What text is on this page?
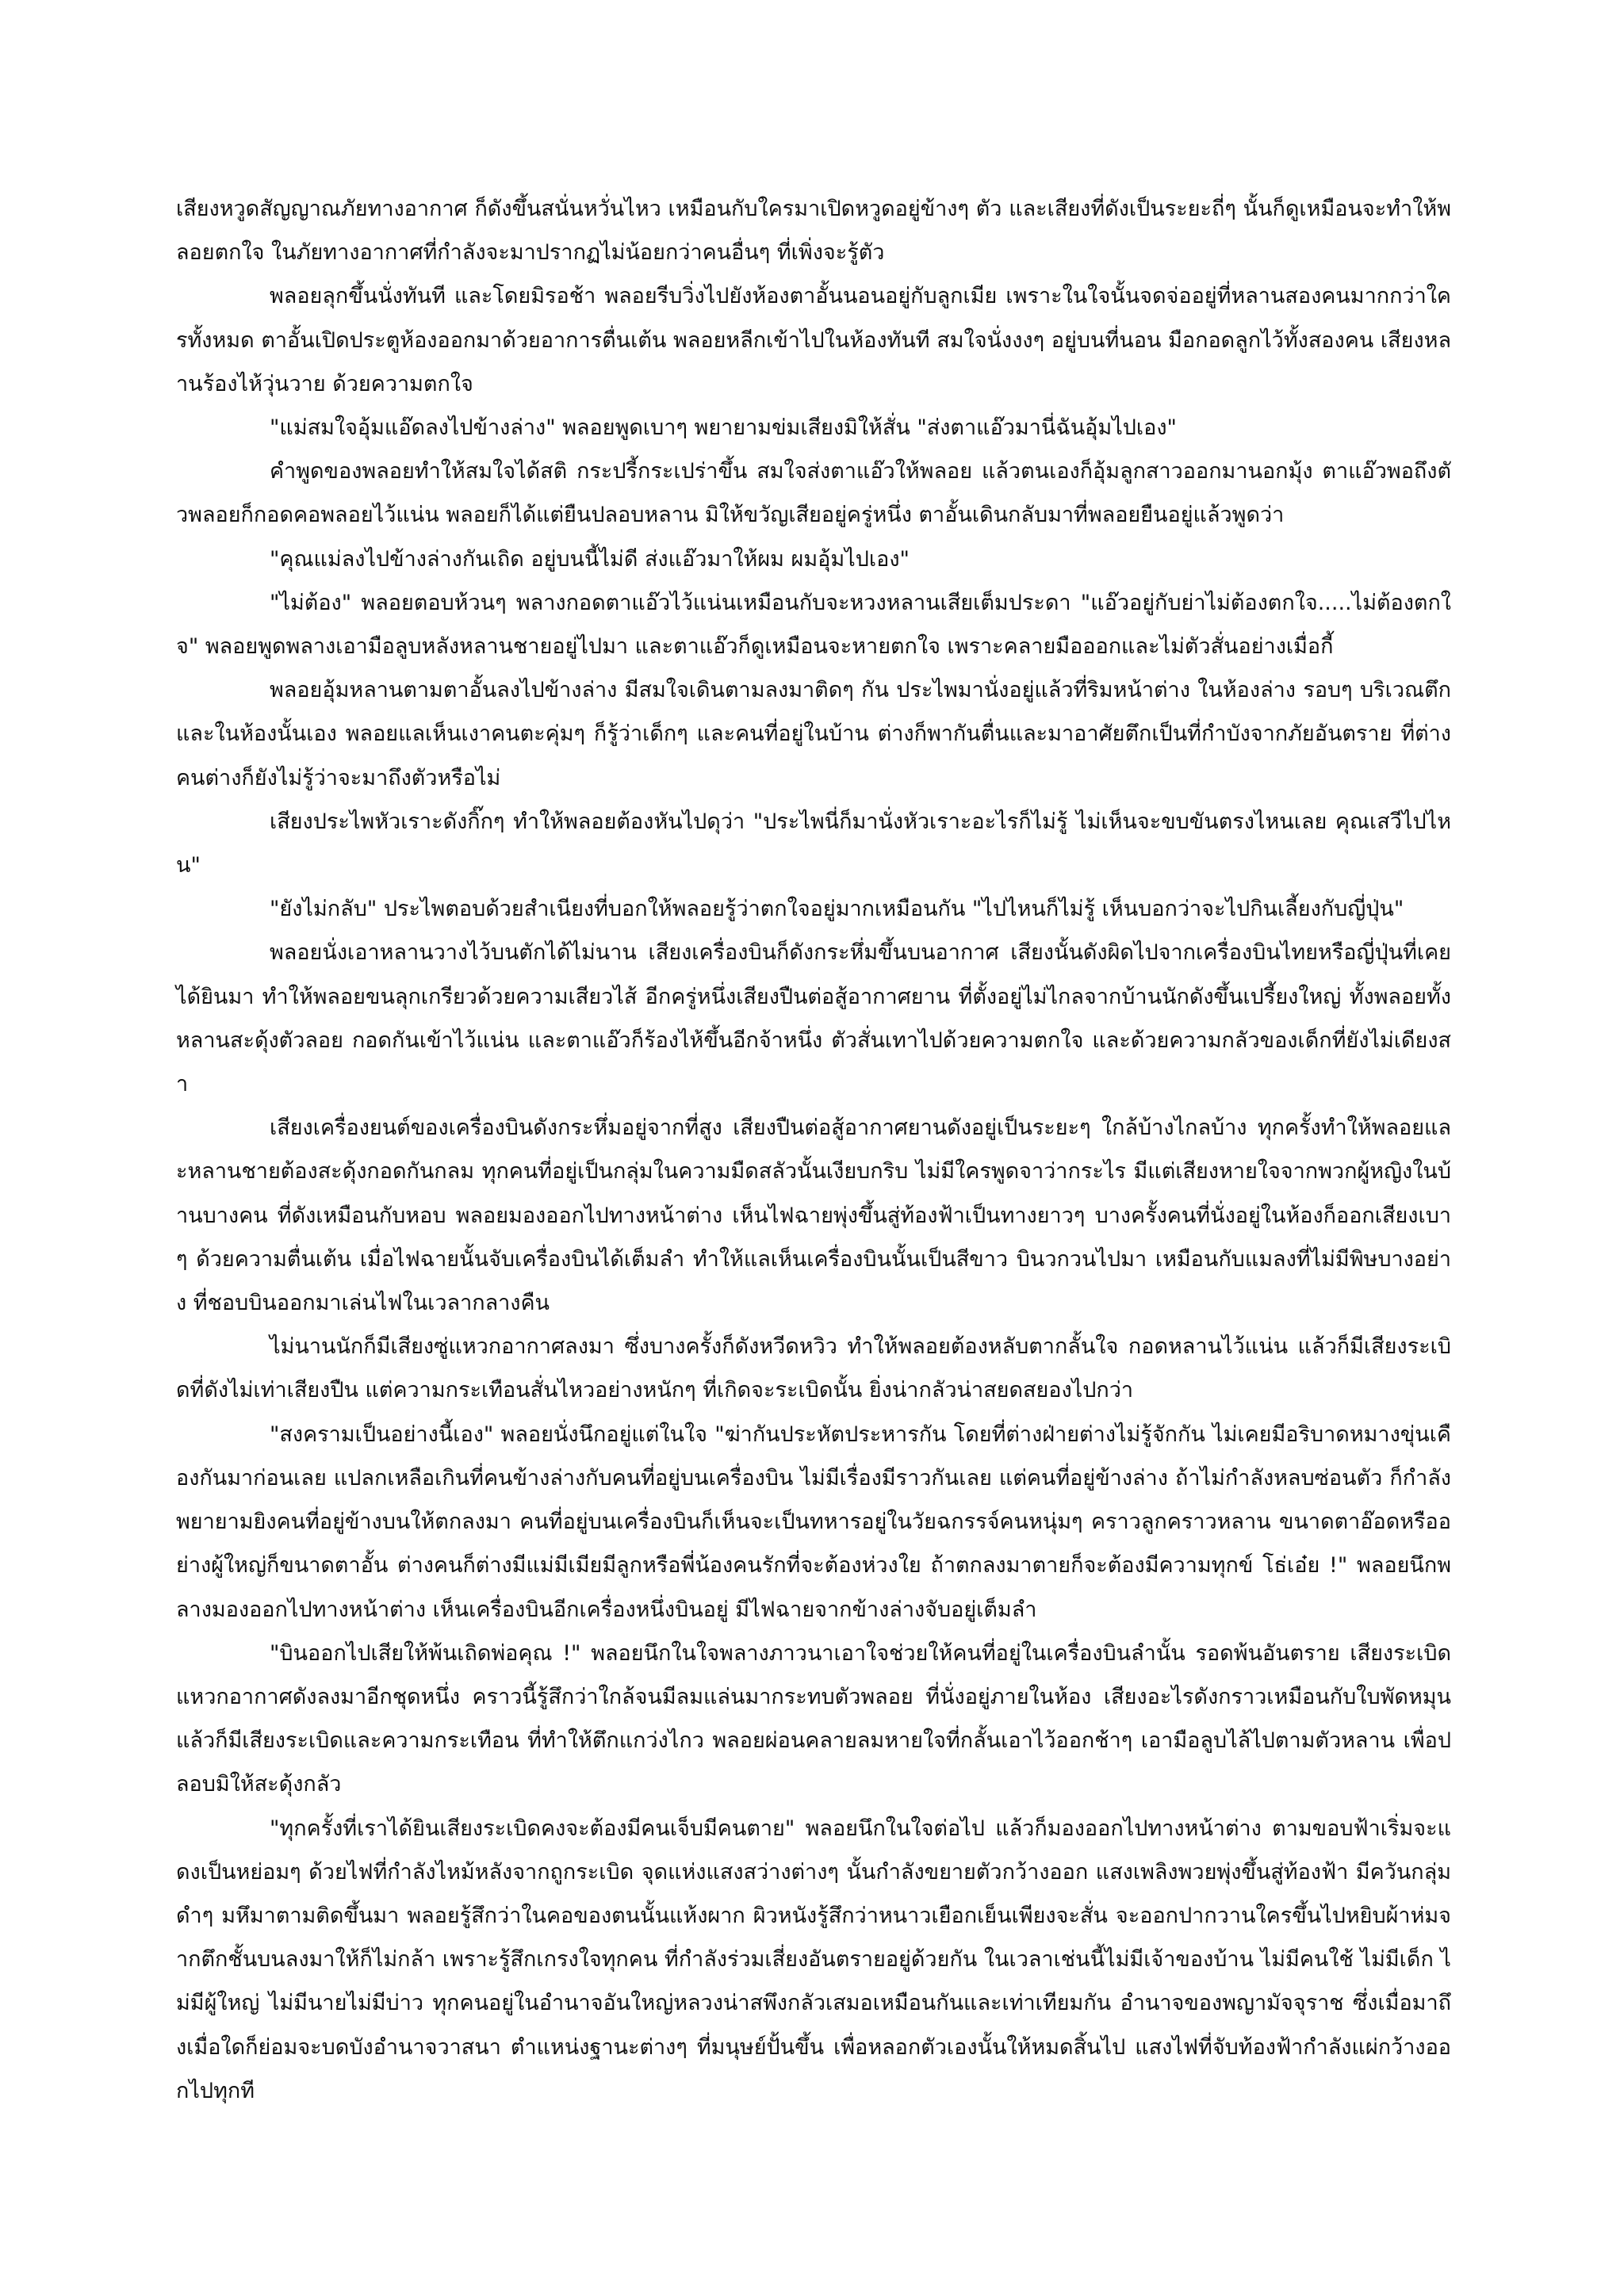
เสียงหวูดสัญญาณภัยทางอากาศ ก็ดังขึ้นสนั่นหวั่นไหว เหมือนกับใครมาเปิดหวูดอยู่ข้างๆ ตัว และเสียงที่ดังเป็นระยะถี่ๆ นั้นก็ดูเหมือนจะทำให้พลอยตกใจ ในภัยทางอากาศที่กำลังจะมาปรากฏไม่น้อยกว่าคนอื่นๆ ที่เพิ่งจะรู้ตัว

พลอยลุกขึ้นนั่งทันที และโดยมิรอช้า พลอยรีบวิ่งไปยังห้องตาอั้นนอนอยู่กับลูกเมีย เพราะในใจนั้นจดจ่ออยู่ที่หลานสองคนมากกว่าใครทั้งหมด ตาอั้นเปิดประตูห้องออกมาด้วยอาการตื่นเต้น พลอยหลีกเข้าไปในห้องทันที สมใจนั่งงงๆ อยู่บนที่นอน มือกอดลูกไว้ทั้งสองคน เสียงหลานร้องไห้วุ่นวาย ด้วยความตกใจ

"แม่สมใจอุ้มแอ๊ดลงไปข้างล่าง" พลอยพูดเบาๆ พยายามข่มเสียงมิให้สั่น "ส่งตาแอ๊วมานี่ฉันอุ้มไปเอง"

คำพูดของพลอยทำให้สมใจได้สติ กระปรี้กระเปร่าขึ้น สมใจส่งตาแอ๊วให้พลอย แล้วตนเองก็อุ้มลูกสาวออกมานอกมุ้ง ตาแอ๊วพอถึงตัวพลอยก็กอดคอพลอยไว้แน่น พลอยก็ได้แต่ยืนปลอบหลาน มิให้ขวัญเสียอยู่ครู่หนึ่ง ตาอั้นเดินกลับมาที่พลอยยืนอยู่แล้วพูดว่า

"คุณแม่ลงไปข้างล่างกันเถิด อยู่บนนี้ไม่ดี ส่งแอ๊วมาให้ผม ผมอุ้มไปเอง"

"ไม่ต้อง" พลอยตอบห้วนๆ พลางกอดตาแอ๊วไว้แน่นเหมือนกับจะหวงหลานเสียเต็มประดา "แอ๊วอยู่กับย่าไม่ต้องตกใจ.....ไม่ต้องตกใจ" พลอยพูดพลางเอามือลูบหลังหลานชายอยู่ไปมา และตาแอ๊วก็ดูเหมือนจะหายตกใจ เพราะคลายมือออกและไม่ตัวสั่นอย่างเมื่อกี้

พลอยอุ้มหลานตามตาอั้นลงไปข้างล่าง มีสมใจเดินตามลงมาติดๆ กัน ประไพมานั่งอยู่แล้วที่ริมหน้าต่าง ในห้องล่าง รอบๆ บริเวณตึกและในห้องนั้นเอง พลอยแลเห็นเงาคนตะคุ่มๆ ก็รู้ว่าเด็กๆ และคนที่อยู่ในบ้าน ต่างก็พากันตื่นและมาอาศัยตึกเป็นที่กำบังจากภัยอันตราย ที่ต่างคนต่างก็ยังไม่รู้ว่าจะมาถึงตัวหรือไม่

เสียงประไพหัวเราะดังกิ๊กๆ ทำให้พลอยต้องหันไปดุว่า "ประไพนี่ก็มานั่งหัวเราะอะไรก็ไม่รู้ ไม่เห็นจะขบขันตรงไหนเลย คุณเสวีไปไหน"

"ยังไม่กลับ" ประไพตอบด้วยสำเนียงที่บอกให้พลอยรู้ว่าตกใจอยู่มากเหมือนกัน "ไปไหนก็ไม่รู้ เห็นบอกว่าจะไปกินเลี้ยงกับญี่ปุ่น"

พลอยนั่งเอาหลานวางไว้บนตักได้ไม่นาน เสียงเครื่องบินก็ดังกระหึ่มขึ้นบนอากาศ เสียงนั้นดังผิดไปจากเครื่องบินไทยหรือญี่ปุ่นที่เคยได้ยินมา ทำให้พลอยขนลุกเกรียวด้วยความเสียวไส้ อีกครู่หนึ่งเสียงปืนต่อสู้อากาศยาน ที่ตั้งอยู่ไม่ไกลจากบ้านนักดังขึ้นเปรี้ยงใหญ่ ทั้งพลอยทั้งหลานสะดุ้งตัวลอย กอดกันเข้าไว้แน่น และตาแอ๊วก็ร้องไห้ขึ้นอีกจ้าหนึ่ง ตัวสั่นเทาไปด้วยความตกใจ และด้วยความกลัวของเด็กที่ยังไม่เดียงสา

เสียงเครื่องยนต์ของเครื่องบินดังกระหึ่มอยู่จากที่สูง เสียงปืนต่อสู้อากาศยานดังอยู่เป็นระยะๆ ใกล้บ้างไกลบ้าง ทุกครั้งทำให้พลอยและหลานชายต้องสะดุ้งกอดกันกลม ทุกคนที่อยู่เป็นกลุ่มในความมืดสลัวนั้นเงียบกริบ ไม่มีใครพูดจาว่ากระไร มีแต่เสียงหายใจจากพวกผู้หญิงในบ้านบางคน ที่ดังเหมือนกับหอบ พลอยมองออกไปทางหน้าต่าง เห็นไฟฉายพุ่งขึ้นสู่ท้องฟ้าเป็นทางยาวๆ บางครั้งคนที่นั่งอยู่ในห้องก็ออกเสียงเบาๆ ด้วยความตื่นเต้น เมื่อไฟฉายนั้นจับเครื่องบินได้เต็มลำ ทำให้แลเห็นเครื่องบินนั้นเป็นสีขาว บินวกวนไปมา เหมือนกับแมลงที่ไม่มีพิษบางอย่าง ที่ชอบบินออกมาเล่นไฟในเวลากลางคืน

ไม่นานนักก็มีเสียงซู่แหวกอากาศลงมา ซึ่งบางครั้งก็ดังหวีดหวิว ทำให้พลอยต้องหลับตากลั้นใจ กอดหลานไว้แน่น แล้วก็มีเสียงระเบิดที่ดังไม่เท่าเสียงปืน แต่ความกระเทือนสั่นไหวอย่างหนักๆ ที่เกิดจะระเบิดนั้น ยิ่งน่ากลัวน่าสยดสยองไปกว่า

"สงครามเป็นอย่างนี้เอง" พลอยนั่งนึกอยู่แต่ในใจ "ฆ่ากันประหัตประหารกัน โดยที่ต่างฝ่ายต่างไม่รู้จักกัน ไม่เคยมีอริบาดหมางขุ่นเคืองกันมาก่อนเลย แปลกเหลือเกินที่คนข้างล่างกับคนที่อยู่บนเครื่องบิน ไม่มีเรื่องมีราวกันเลย แต่คนที่อยู่ข้างล่าง ถ้าไม่กำลังหลบซ่อนตัว ก็กำลังพยายามยิงคนที่อยู่ข้างบนให้ตกลงมา คนที่อยู่บนเครื่องบินก็เห็นจะเป็นทหารอยู่ในวัยฉกรรจ์คนหนุ่มๆ คราวลูกคราวหลาน ขนาดตาอ๊อดหรืออย่างผู้ใหญ่ก็ขนาดตาอั้น ต่างคนก็ต่างมีแม่มีเมียมีลูกหรือพี่น้องคนรักที่จะต้องห่วงใย ถ้าตกลงมาตายก็จะต้องมีความทุกข์ โธ่เอ๋ย !" พลอยนึกพลางมองออกไปทางหน้าต่าง เห็นเครื่องบินอีกเครื่องหนึ่งบินอยู่ มีไฟฉายจากข้างล่างจับอยู่เต็มลำ

"บินออกไปเสียให้พ้นเถิดพ่อคุณ !" พลอยนึกในใจพลางภาวนาเอาใจช่วยให้คนที่อยู่ในเครื่องบินลำนั้น รอดพ้นอันตราย เสียงระเบิดแหวกอากาศดังลงมาอีกชุดหนึ่ง คราวนี้รู้สึกว่าใกล้จนมีลมแล่นมากระทบตัวพลอย ที่นั่งอยู่ภายในห้อง เสียงอะไรดังกราวเหมือนกับใบพัดหมุน แล้วก็มีเสียงระเบิดและความกระเทือน ที่ทำให้ตึกแกว่งไกว พลอยผ่อนคลายลมหายใจที่กลั้นเอาไว้ออกช้าๆ เอามือลูบไล้ไปตามตัวหลาน เพื่อปลอบมิให้สะดุ้งกลัว

"ทุกครั้งที่เราได้ยินเสียงระเบิดคงจะต้องมีคนเจ็บมีคนตาย" พลอยนึกในใจต่อไป แล้วก็มองออกไปทางหน้าต่าง ตามขอบฟ้าเริ่มจะแดงเป็นหย่อมๆ ด้วยไฟที่กำลังไหม้หลังจากถูกระเบิด จุดแห่งแสงสว่างต่างๆ นั้นกำลังขยายตัวกว้างออก แสงเพลิงพวยพุ่งขึ้นสู่ท้องฟ้า มีควันกลุ่มดำๆ มหึมาตามติดขึ้นมา พลอยรู้สึกว่าในคอของตนนั้นแห้งผาก ผิวหนังรู้สึกว่าหนาวเยือกเย็นเพียงจะสั่น จะออกปากวานใครขึ้นไปหยิบผ้าห่มจากตึกชั้นบนลงมาให้ก็ไม่กล้า เพราะรู้สึกเกรงใจทุกคน ที่กำลังร่วมเสี่ยงอันตรายอยู่ด้วยกัน ในเวลาเช่นนี้ไม่มีเจ้าของบ้าน ไม่มีคนใช้ ไม่มีเด็ก ไม่มีผู้ใหญ่ ไม่มีนายไม่มีบ่าว ทุกคนอยู่ในอำนาจอันใหญ่หลวงน่าสพึงกลัวเสมอเหมือนกันและเท่าเทียมกัน อำนาจของพญามัจจุราช ซึ่งเมื่อมาถึงเมื่อใดก็ย่อมจะบดบังอำนาจวาสนา ตำแหน่งฐานะต่างๆ ที่มนุษย์ปั้นขึ้น เพื่อหลอกตัวเองนั้นให้หมดสิ้นไป แสงไฟที่จับท้องฟ้ากำลังแผ่กว้างออกไปทุกที
